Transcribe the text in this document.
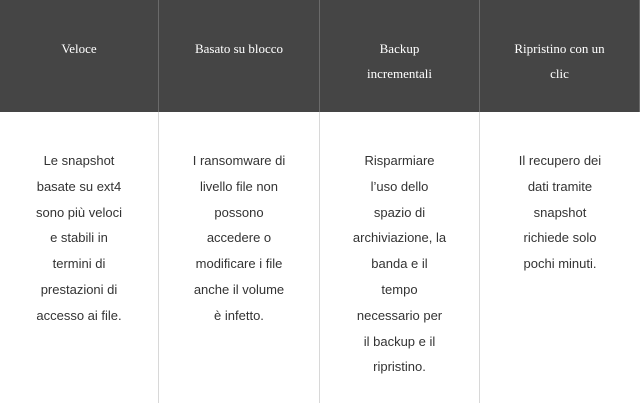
Veloce	Basato su blocco	Backup
incrementali
Ripristino con un
clic
Le snapshot
basate su ext4
sono più veloci
e stabili in
termini di
prestazioni di
accesso ai file.
I ransomware di
livello file non
possono
accedere o
modificare i file
anche il volume
è infetto.
Risparmiare
l’uso dello
spazio di
archiviazione, la
banda e il
tempo
necessario per
il backup e il
ripristino.
Il recupero dei
dati tramite
snapshot
richiede solo
pochi minuti.
